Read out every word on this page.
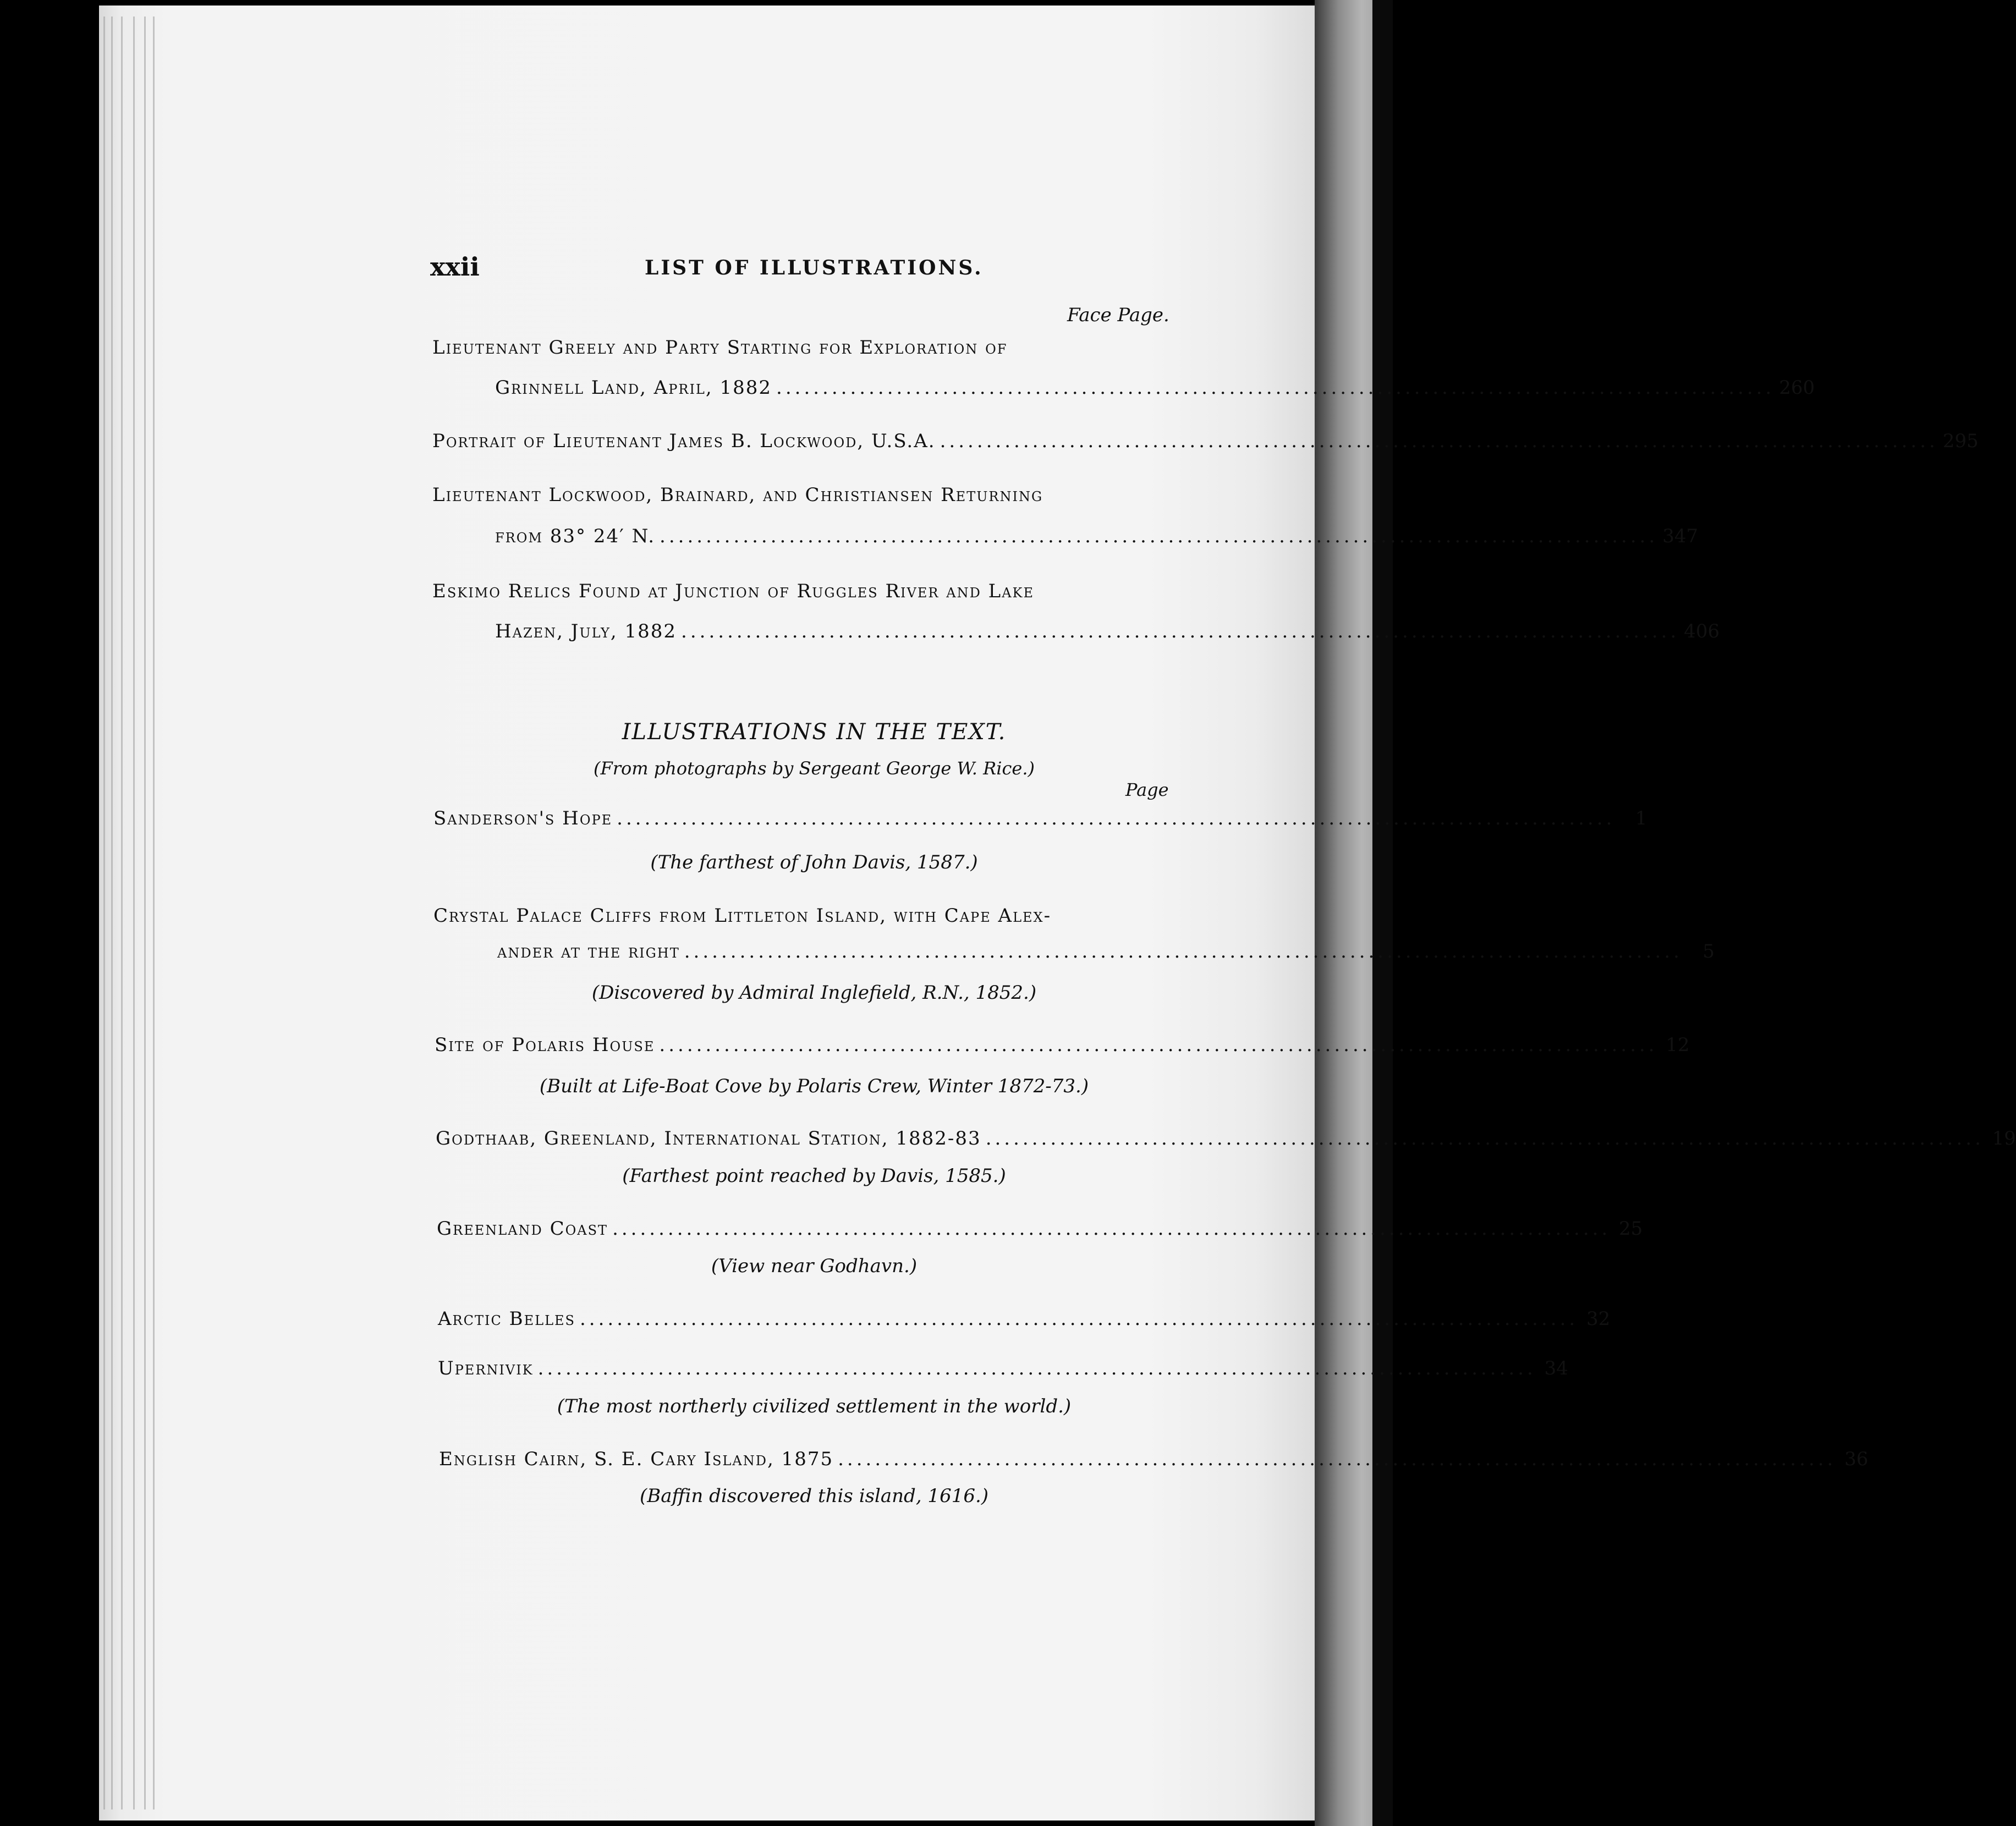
xxii	LIST OF ILLUSTRATIONS.
Face Page.
Lieutenant Greely and Party Starting for Exploration of
Grinnell Land, April, 1882 ............................................................................................................ 260
Portrait of Lieutenant James B. Lockwood, U.S.A. ............................................................................................................ 295
Lieutenant Lockwood, Brainard, and Christiansen Returning
from 83° 24′ N. ............................................................................................................ 347
Eskimo Relics Found at Junction of Ruggles River and Lake
Hazen, July, 1882 ............................................................................................................ 406
ILLUSTRATIONS IN THE TEXT.
(From photographs by Sergeant George W. Rice.)
Page
Sanderson's Hope ............................................................................................................	1
(The farthest of John Davis, 1587.)
Crystal Palace Cliffs from Littleton Island, with Cape Alex-
ander at the right ............................................................................................................	5
(Discovered by Admiral Inglefield, R.N., 1852.)
Site of Polaris House ............................................................................................................ 12
(Built at Life-Boat Cove by Polaris Crew, Winter 1872-73.)
Godthaab, Greenland, International Station, 1882-83 ............................................................................................................ 19
(Farthest point reached by Davis, 1585.)
Greenland Coast ............................................................................................................ 25
(View near Godhavn.)
Arctic Belles ............................................................................................................ 32
Upernivik ............................................................................................................ 34
(The most northerly civilized settlement in the world.)
English Cairn, S. E. Cary Island, 1875 ............................................................................................................ 36
(Baffin discovered this island, 1616.)
